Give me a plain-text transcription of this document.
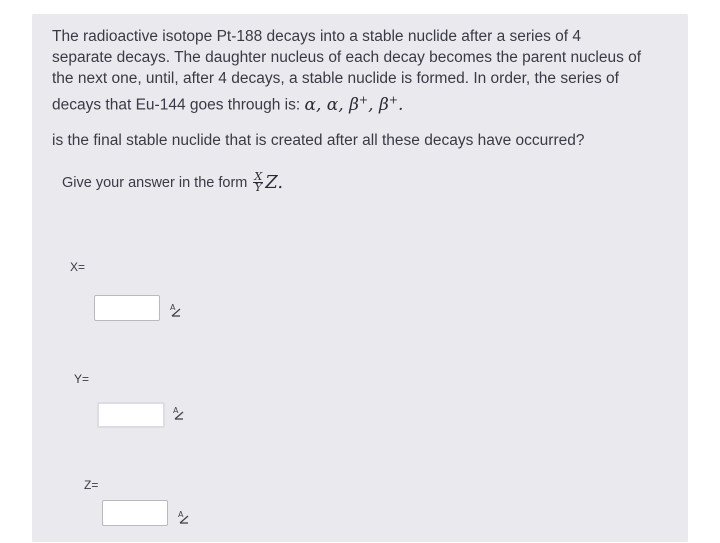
The radioactive isotope Pt-188 decays into a stable nuclide after a series of 4
separate decays. The daughter nucleus of each decay becomes the parent nucleus of
the next one, until, after 4 decays, a stable nuclide is formed. In order, the series of
decays that Eu-144 goes through is: α, α, β+, β+.
is the final stable nuclide that is created after all these decays have occurred?
Give your answer in the form $\frac{X}{Y} Z$.
X=
A
Y=
A
Z=
A
